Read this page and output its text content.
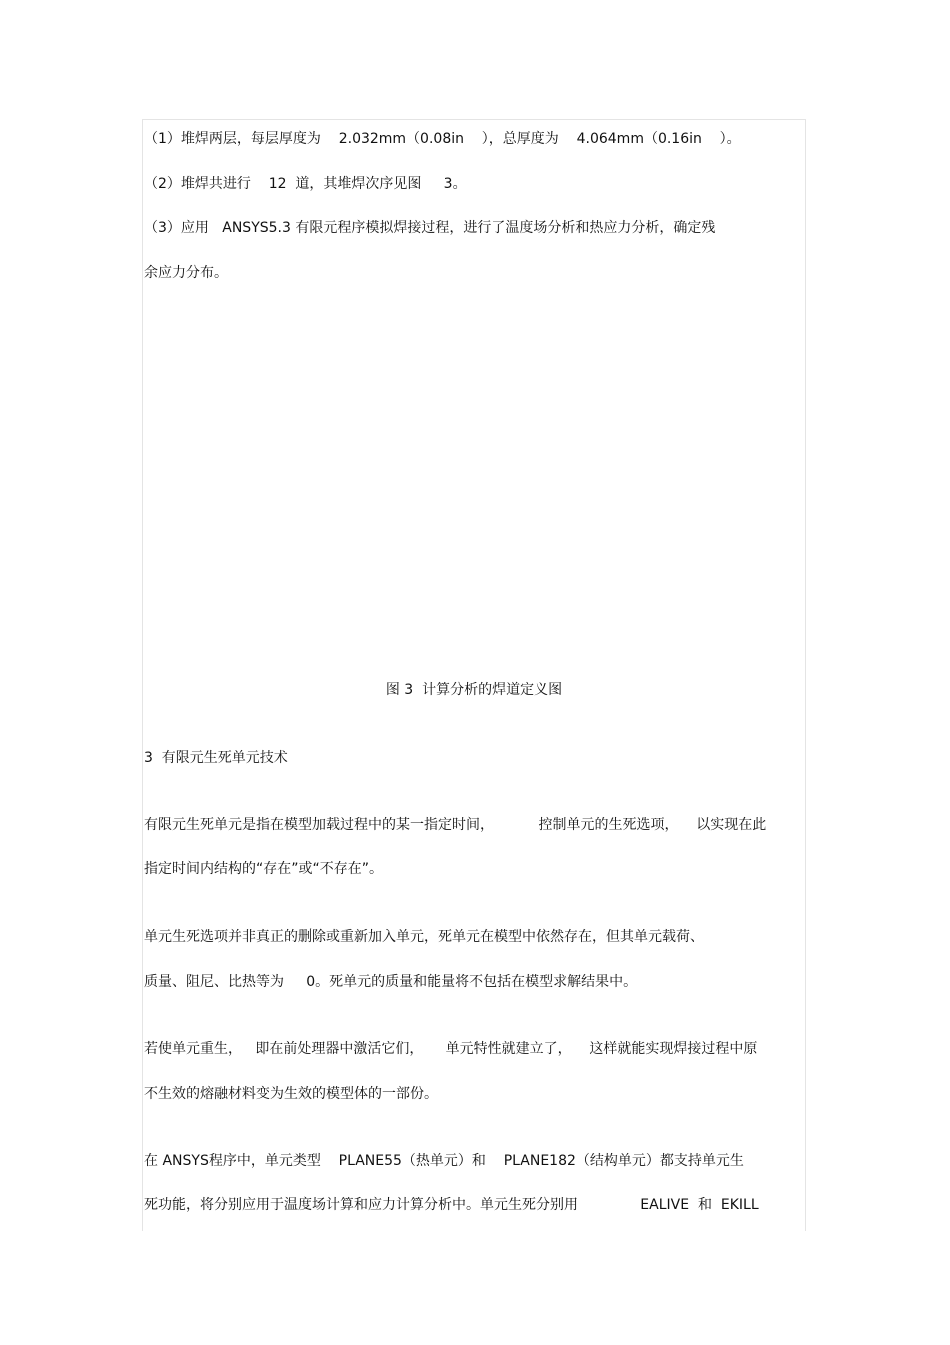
（1）堆焊两层，每层厚度为    2.032mm（0.08in    ），总厚度为    4.064mm（0.16in    ）。
（2）堆焊共进行    12  道，其堆焊次序见图     3。
（3）应用   ANSYS5.3 有限元程序模拟焊接过程，进行了温度场分析和热应力分析，确定残
余应力分布。
图 3  计算分析的焊道定义图
3  有限元生死单元技术
有限元生死单元是指在模型加载过程中的某一指定时间，          控制单元的生死选项，    以实现在此
指定时间内结构的“存在”或“不存在”。
单元生死选项并非真正的删除或重新加入单元，死单元在模型中依然存在，但其单元载荷、
质量、阻尼、比热等为     0。死单元的质量和能量将不包括在模型求解结果中。
若使单元重生，   即在前处理器中激活它们，     单元特性就建立了，    这样就能实现焊接过程中原
不生效的熔融材料变为生效的模型体的一部份。
在 ANSYS程序中，单元类型    PLANE55（热单元）和    PLANE182（结构单元）都支持单元生
死功能，将分别应用于温度场计算和应力计算分析中。单元生死分别用              EALIVE  和  EKILL
